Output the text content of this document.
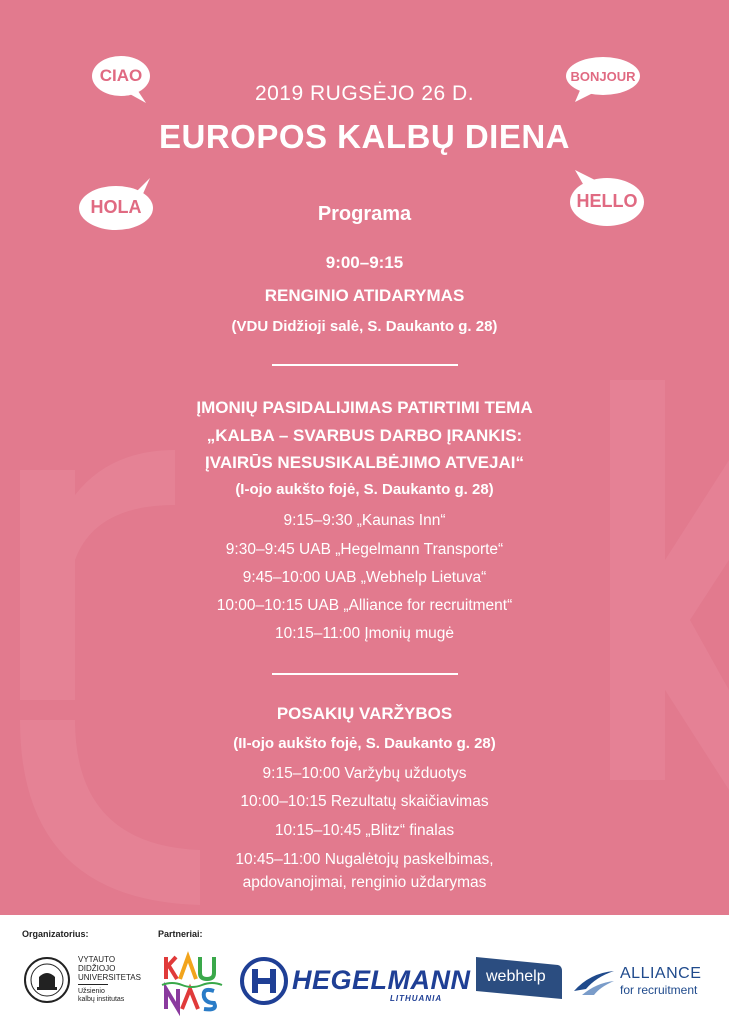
CIAO	BONJOUR
HOLA	HELLO
2019 RUGSĖJO 26 D.
EUROPOS KALBŲ DIENA
Programa
9:00–9:15
RENGINIO ATIDARYMAS
(VDU Didžioji salė, S. Daukanto g. 28)
ĮMONIŲ PASIDALIJIMAS PATIRTIMI TEMA
„KALBA – SVARBUS DARBO ĮRANKIS:
ĮVAIRŪS NESUSIKALBĖJIMO ATVEJAI“
(I-ojo aukšto fojė, S. Daukanto g. 28)
9:15–9:30 „Kaunas Inn“
9:30–9:45 UAB „Hegelmann Transporte“
9:45–10:00 UAB „Webhelp Lietuva“
10:00–10:15 UAB „Alliance for recruitment“
10:15–11:00 Įmonių mugė
POSAKIŲ VARŽYBOS
(II-ojo aukšto fojė, S. Daukanto g. 28)
9:15–10:00 Varžybų užduotys
10:00–10:15 Rezultatų skaičiavimas
10:15–10:45 „Blitz“ finalas
10:45–11:00 Nugalėtojų paskelbimas,
apdovanojimai, renginio uždarymas
Organizatorius:	Partneriai:
VYTAUTO
DIDŽIOJO
UNIVERSITETAS
Užsienio
kalbų institutas
HEGELMANN
LITHUANIA
webhelp	ALLIANCE
for recruitment
